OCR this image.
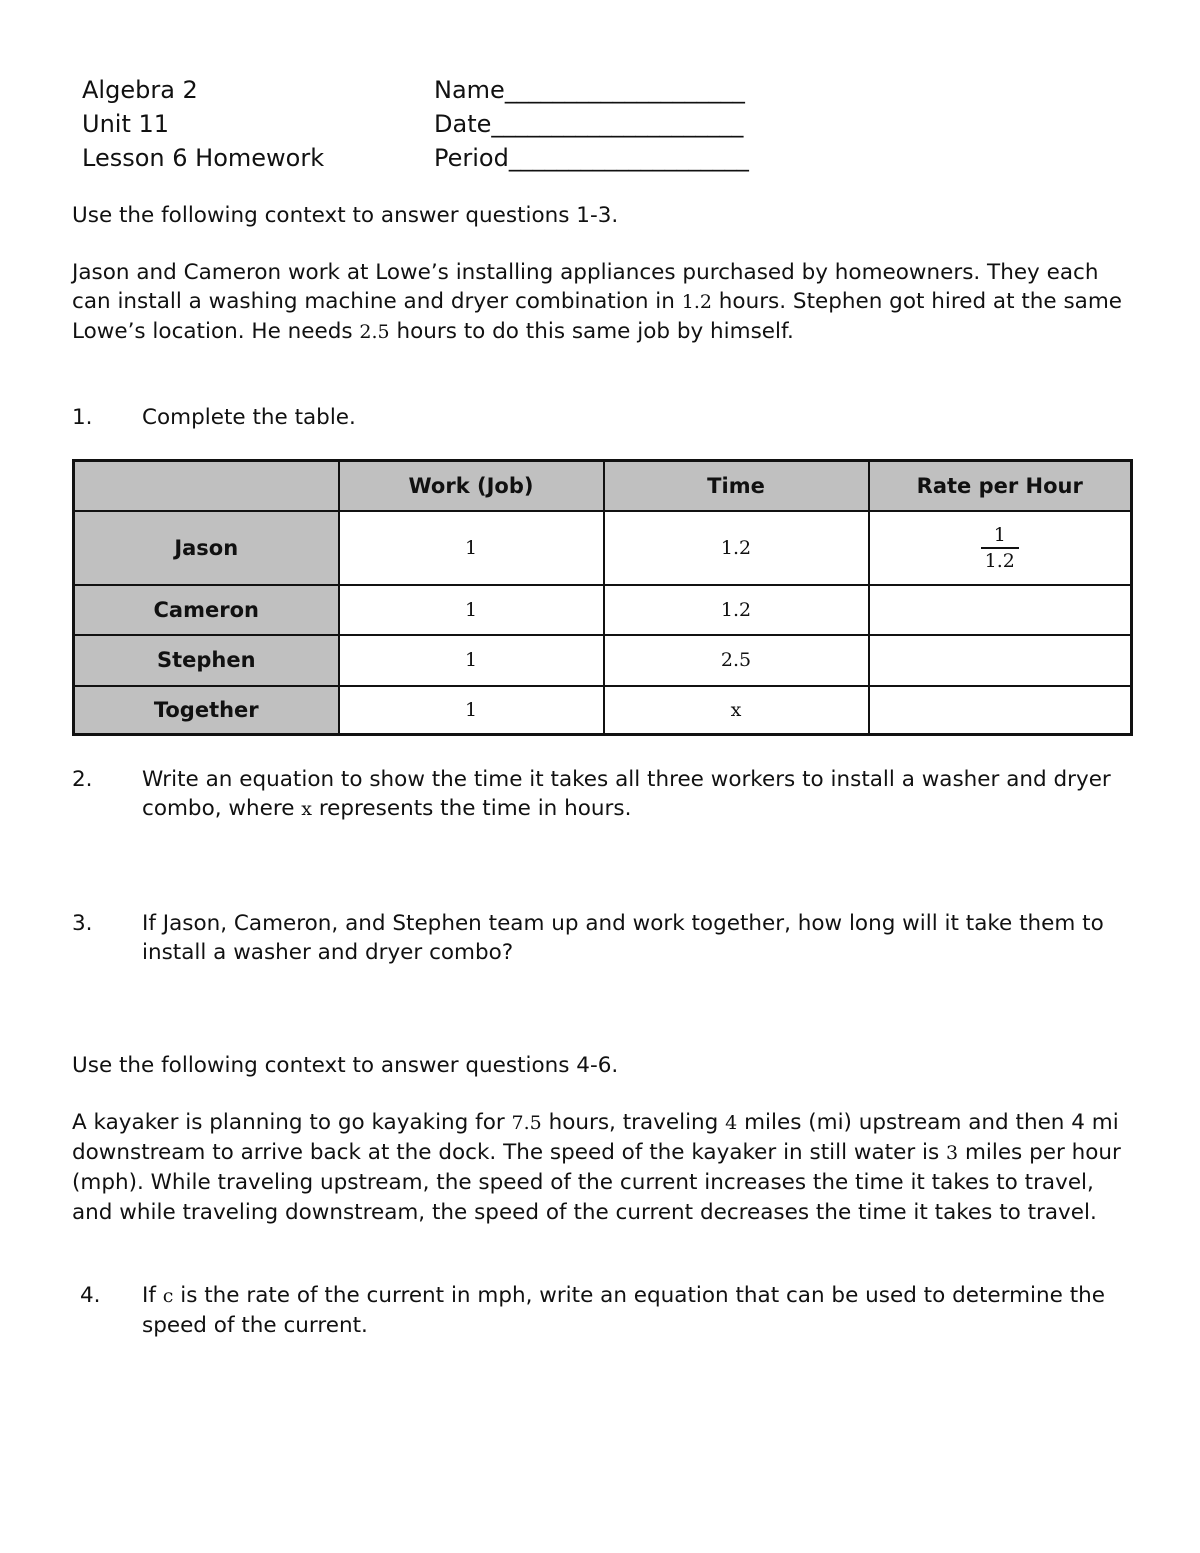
Algebra 2
Unit 11
Lesson 6 Homework
Name____________________
Date_____________________
Period____________________
Use the following context to answer questions 1-3.
Jason and Cameron work at Lowe’s installing appliances purchased by homeowners. They each can install a washing machine and dryer combination in 1.2 hours. Stephen got hired at the same Lowe’s location. He needs 2.5 hours to do this same job by himself.
1. Complete the table.
	Work (Job)	Time	Rate per Hour
Jason	1	1.2	$\frac{1}{1.2}$

Cameron	1	1.2	
Stephen	1	2.5	
Together	1	x	
2. Write an equation to show the time it takes all three workers to install a washer and dryer combo, where x represents the time in hours.
3. If Jason, Cameron, and Stephen team up and work together, how long will it take them to install a washer and dryer combo?
Use the following context to answer questions 4-6.
A kayaker is planning to go kayaking for 7.5 hours, traveling 4 miles (mi) upstream and then 4 mi downstream to arrive back at the dock. The speed of the kayaker in still water is 3 miles per hour (mph). While traveling upstream, the speed of the current increases the time it takes to travel, and while traveling downstream, the speed of the current decreases the time it takes to travel.
4. If c is the rate of the current in mph, write an equation that can be used to determine the speed of the current.
